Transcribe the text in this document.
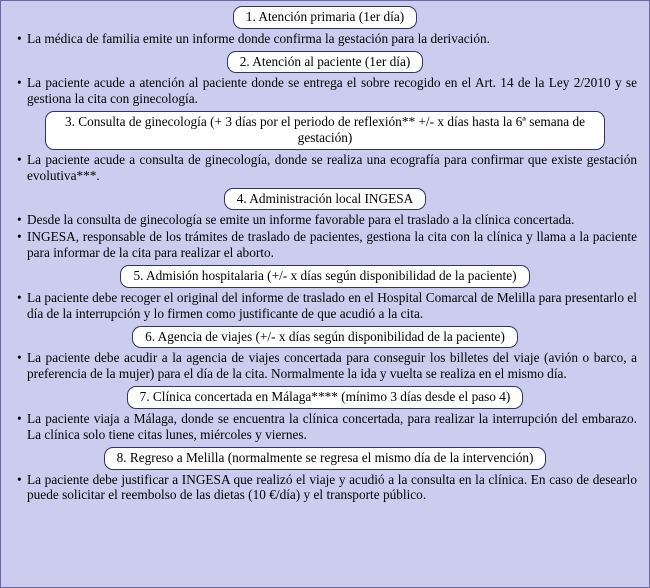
1. Atención primaria (1er día)
• La médica de familia emite un informe donde confirma la gestación para la derivación.
2. Atención al paciente (1er día)
• La paciente acude a atención al paciente donde se entrega el sobre recogido en el Art. 14 de la Ley 2/2010 y se gestiona la cita con ginecología.
3. Consulta de ginecología (+ 3 días por el periodo de reflexión** +/- x días hasta la 6ª semana de gestación)
• La paciente acude a consulta de ginecología, donde se realiza una ecografía para confirmar que existe gestación evolutiva***.
4. Administración local INGESA
• Desde la consulta de ginecología se emite un informe favorable para el traslado a la clínica concertada.
• INGESA, responsable de los trámites de traslado de pacientes, gestiona la cita con la clínica y llama a la paciente para informar de la cita para realizar el aborto.
5. Admisión hospitalaria (+/- x días según disponibilidad de la paciente)
• La paciente debe recoger el original del informe de traslado en el Hospital Comarcal de Melilla para presentarlo el día de la interrupción y lo firmen como justificante de que acudió a la cita.
6. Agencia de viajes (+/- x días según disponibilidad de la paciente)
• La paciente debe acudir a la agencia de viajes concertada para conseguir los billetes del viaje (avión o barco, a preferencia de la mujer) para el día de la cita. Normalmente la ida y vuelta se realiza en el mismo día.
7. Clínica concertada en Málaga**** (mínimo 3 días desde el paso 4)
• La paciente viaja a Málaga, donde se encuentra la clínica concertada, para realizar la interrupción del embarazo. La clínica solo tiene citas lunes, miércoles y viernes.
8. Regreso a Melilla (normalmente se regresa el mismo día de la intervención)
• La paciente debe justificar a INGESA que realizó el viaje y acudió a la consulta en la clínica. En caso de desearlo puede solicitar el reembolso de las dietas (10 €/día) y el transporte público.
